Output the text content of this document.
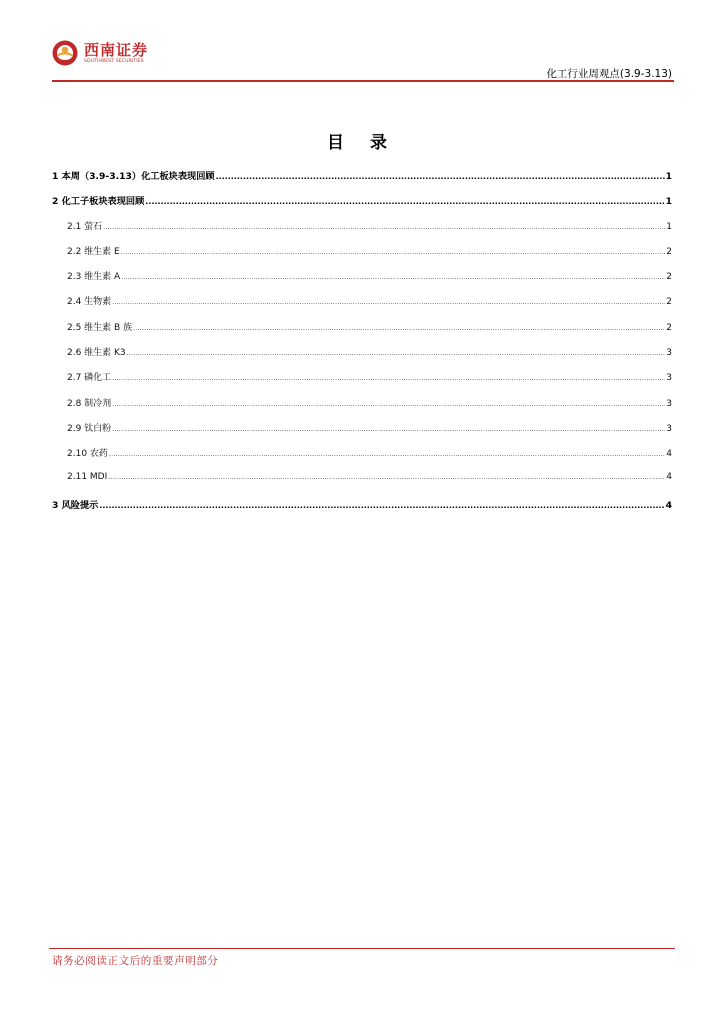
西南证券
SOUTHWEST SECURITIES
化工行业周观点(3.9-3.13)
目 录
1 本周（3.9-3.13）化工板块表现回顾 .....	1
2 化工子板块表现回顾 .....	1
2.1 萤石 .....	1
2.2 维生素 E .....	2
2.3 维生素 A .....	2
2.4 生物素 .....	2
2.5 维生素 B 族 .....	2
2.6 维生素 K3 .....	3
2.7 磷化工 .....	3
2.8 制冷剂 .....	3
2.9 钛白粉 .....	3
2.10 农药 .....	4
2.11 MDI .....	4
3 风险提示 .....	4
请务必阅读正文后的重要声明部分
